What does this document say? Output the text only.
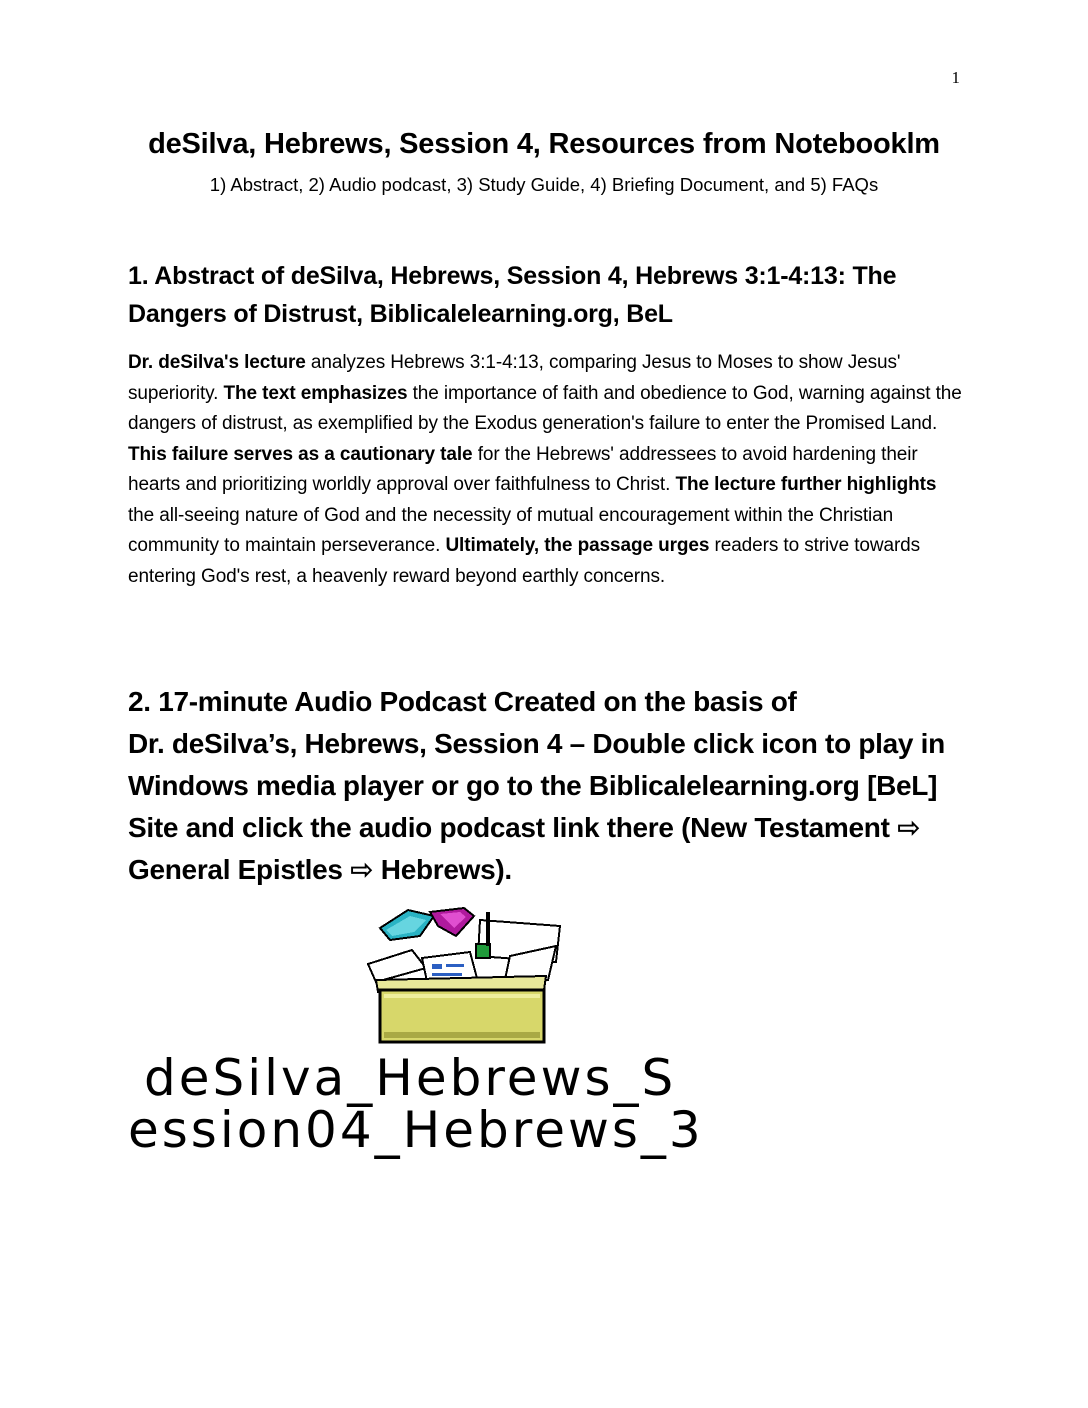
1
deSilva, Hebrews, Session 4, Resources from Notebooklm
1) Abstract, 2) Audio podcast, 3) Study Guide, 4) Briefing Document, and 5) FAQs
1. Abstract of deSilva, Hebrews, Session 4, Hebrews 3:1-4:13: The
Dangers of Distrust, Biblicalelearning.org, BeL
Dr. deSilva's lecture analyzes Hebrews 3:1-4:13, comparing Jesus to Moses to show Jesus' superiority. The text emphasizes the importance of faith and obedience to God, warning against the dangers of distrust, as exemplified by the Exodus generation's failure to enter the Promised Land. This failure serves as a cautionary tale for the Hebrews' addressees to avoid hardening their hearts and prioritizing worldly approval over faithfulness to Christ. The lecture further highlights the all-seeing nature of God and the necessity of mutual encouragement within the Christian community to maintain perseverance. Ultimately, the passage urges readers to strive towards entering God's rest, a heavenly reward beyond earthly concerns.
2. 17-minute Audio Podcast Created on the basis of
Dr. deSilva’s, Hebrews, Session 4 – Double click icon to play in
Windows media player or go to the Biblicalelearning.org [BeL]
Site and click the audio podcast link there (New Testament ⇨
General Epistles ⇨ Hebrews).
deSilva_Hebrews_S
ession04_Hebrews_3
